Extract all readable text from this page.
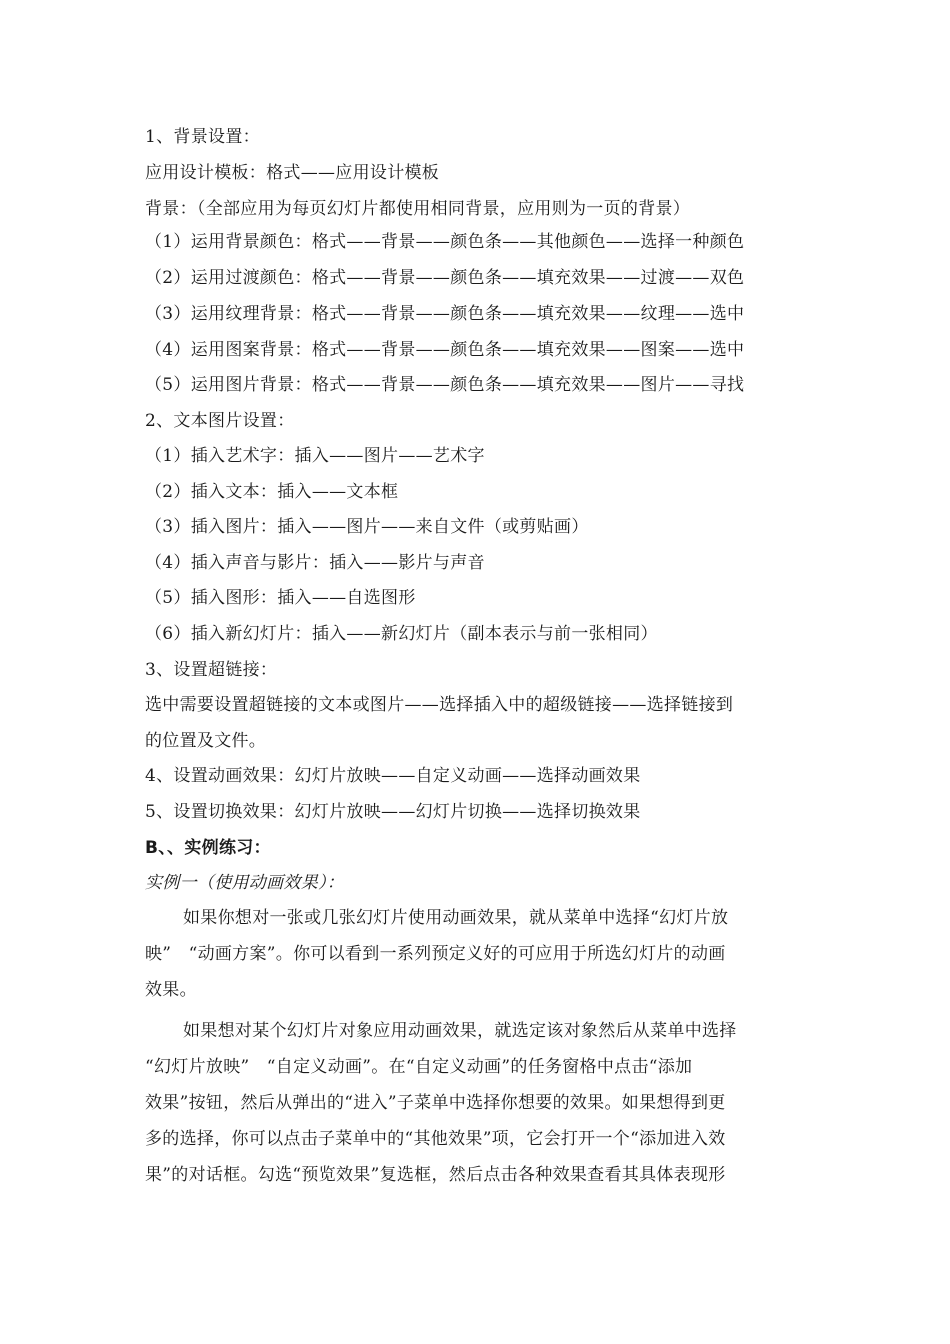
1、背景设置：
应用设计模板：格式——应用设计模板
背景：（全部应用为每页幻灯片都使用相同背景，应用则为一页的背景）
（1）运用背景颜色：格式——背景——颜色条——其他颜色——选择一种颜色
（2）运用过渡颜色：格式——背景——颜色条——填充效果——过渡——双色
（3）运用纹理背景：格式——背景——颜色条——填充效果——纹理——选中
（4）运用图案背景：格式——背景——颜色条——填充效果——图案——选中
（5）运用图片背景：格式——背景——颜色条——填充效果——图片——寻找
2、文本图片设置：
（1）插入艺术字：插入——图片——艺术字
（2）插入文本：插入——文本框
（3）插入图片：插入——图片——来自文件（或剪贴画）
（4）插入声音与影片：插入——影片与声音
（5）插入图形：插入——自选图形
（6）插入新幻灯片：插入——新幻灯片（副本表示与前一张相同）
3、设置超链接：
选中需要设置超链接的文本或图片——选择插入中的超级链接——选择链接到
的位置及文件。
4、设置动画效果：幻灯片放映——自定义动画——选择动画效果
5、设置切换效果：幻灯片放映——幻灯片切换——选择切换效果
B、、实例练习：
实例一（使用动画效果）：
如果你想对一张或几张幻灯片使用动画效果，就从菜单中选择“幻灯片放
映”　“动画方案”。你可以看到一系列预定义好的可应用于所选幻灯片的动画
效果。
如果想对某个幻灯片对象应用动画效果，就选定该对象然后从菜单中选择
“幻灯片放映”　“自定义动画”。在“自定义动画”的任务窗格中点击“添加
效果”按钮，然后从弹出的“进入”子菜单中选择你想要的效果。如果想得到更
多的选择，你可以点击子菜单中的“其他效果”项，它会打开一个“添加进入效
果”的对话框。勾选“预览效果”复选框，然后点击各种效果查看其具体表现形
